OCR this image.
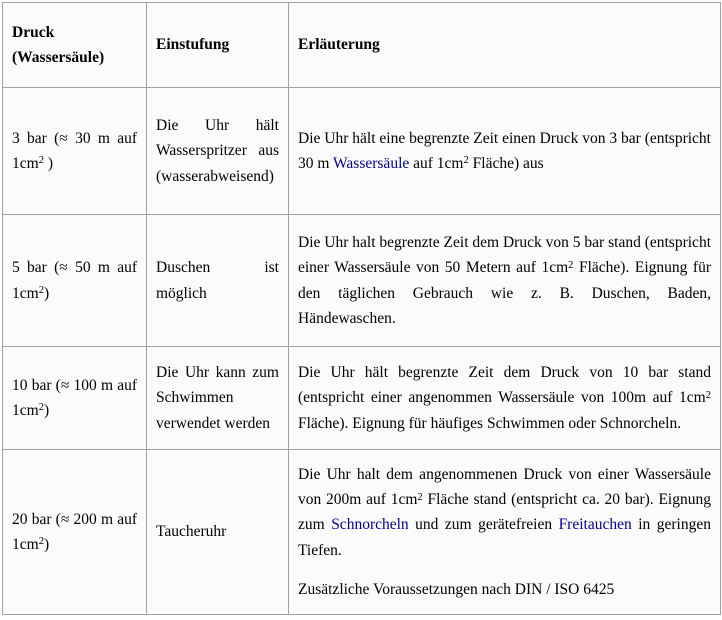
Druck (Wassersäule)	Einstufung	Erläuterung
3 bar (≈ 30 m auf $1cm^2$ )	Die Uhr hält Wasserspritzer aus (wasserabweisend)	Die Uhr hält eine begrenzte Zeit einen Druck von 3 bar (entspricht 30 m Wassersäule auf $1cm^2$ Fläche) aus

5 bar (≈ 50 m auf $1cm^2$)	Duschen ist möglich	Die Uhr halt begrenzte Zeit dem Druck von 5 bar stand (entspricht einer Wassersäule von 50 Metern auf $1cm^2$ Fläche). Eignung für den täglichen Gebrauch wie z. B. Duschen, Baden, Händewaschen.

10 bar (≈ 100 m auf $1cm^2$)	Die Uhr kann zum Schwimmen verwendet werden	Die Uhr hält begrenzte Zeit dem Druck von 10 bar stand (entspricht einer angenommen Wassersäule von 100m auf $1cm^2$ Fläche). Eignung für häufiges Schwimmen oder Schnorcheln.

20 bar (≈ 200 m auf $1cm^2$)	Taucheruhr	Die Uhr halt dem angenommenen Druck von einer Wassersäule von 200m auf $1cm^2$ Fläche stand (entspricht ca. 20 bar). Eignung zum Schnorcheln und zum gerätefreien Freitauchen in geringen Tiefen.

Zusätzliche Voraussetzungen nach DIN / ISO 6425
